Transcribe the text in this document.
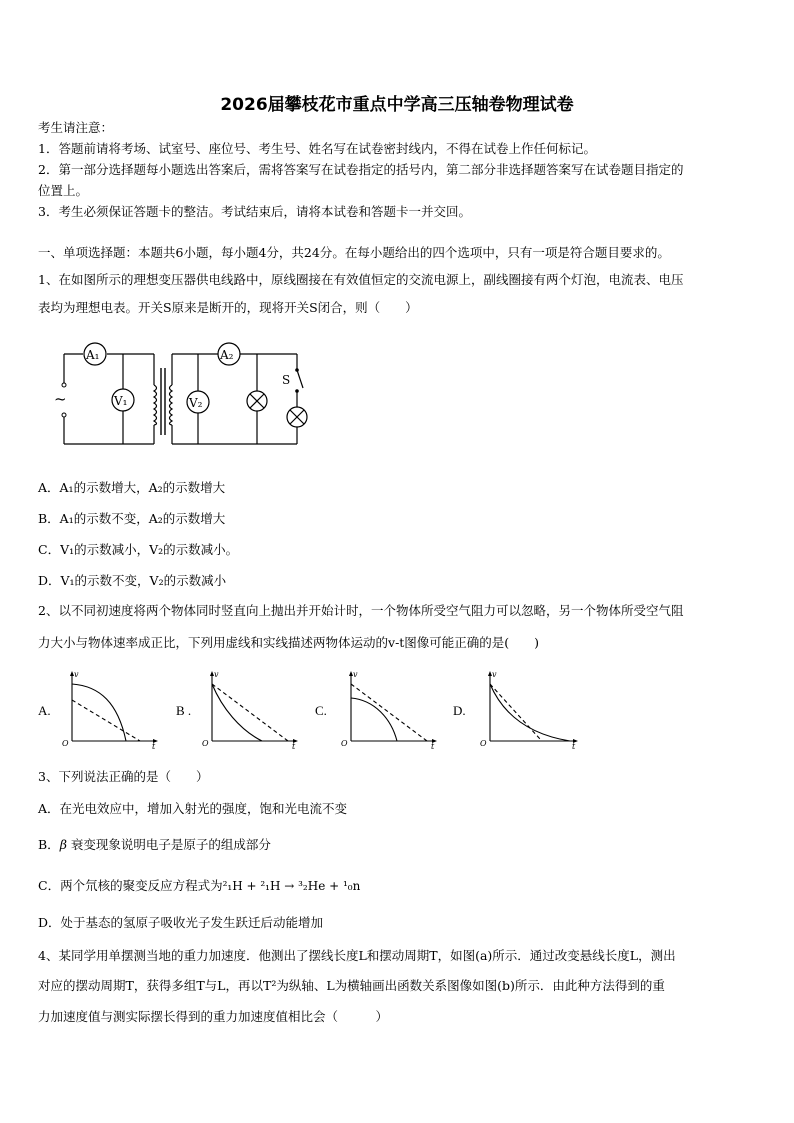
2026届攀枝花市重点中学高三压轴卷物理试卷
考生请注意：
1．答题前请将考场、试室号、座位号、考生号、姓名写在试卷密封线内，不得在试卷上作任何标记。
2．第一部分选择题每小题选出答案后，需将答案写在试卷指定的括号内，第二部分非选择题答案写在试卷题目指定的
位置上。
3．考生必须保证答题卡的整洁。考试结束后，请将本试卷和答题卡一并交回。
一、单项选择题：本题共6小题，每小题4分，共24分。在每小题给出的四个选项中，只有一项是符合题目要求的。
1、在如图所示的理想变压器供电线路中，原线圈接在有效值恒定的交流电源上，副线圈接有两个灯泡，电流表、电压
表均为理想电表。开关S原来是断开的，现将开关S闭合，则（　　）
~
A₁
V₁
A₂
V₂
S
A．A₁的示数增大，A₂的示数增大
B．A₁的示数不变，A₂的示数增大
C．V₁的示数减小，V₂的示数减小。
D．V₁的示数不变，V₂的示数减小
2、以不同初速度将两个物体同时竖直向上抛出并开始计时，一个物体所受空气阻力可以忽略，另一个物体所受空气阻
力大小与物体速率成正比，下列用虚线和实线描述两物体运动的v-t图像可能正确的是(　　)
A.	B .	C.	D.
v
t
O
v
t
O
v
t
O
v
t
O
3、下列说法正确的是（　　）
A．在光电效应中，增加入射光的强度，饱和光电流不变
B．β 衰变现象说明电子是原子的组成部分
C．两个氘核的聚变反应方程式为²₁H + ²₁H → ³₂He + ¹₀n
D．处于基态的氢原子吸收光子发生跃迁后动能增加
4、某同学用单摆测当地的重力加速度．他测出了摆线长度L和摆动周期T，如图(a)所示．通过改变悬线长度L，测出
对应的摆动周期T，获得多组T与L，再以T²为纵轴、L为横轴画出函数关系图像如图(b)所示．由此种方法得到的重
力加速度值与测实际摆长得到的重力加速度值相比会（　　　）
